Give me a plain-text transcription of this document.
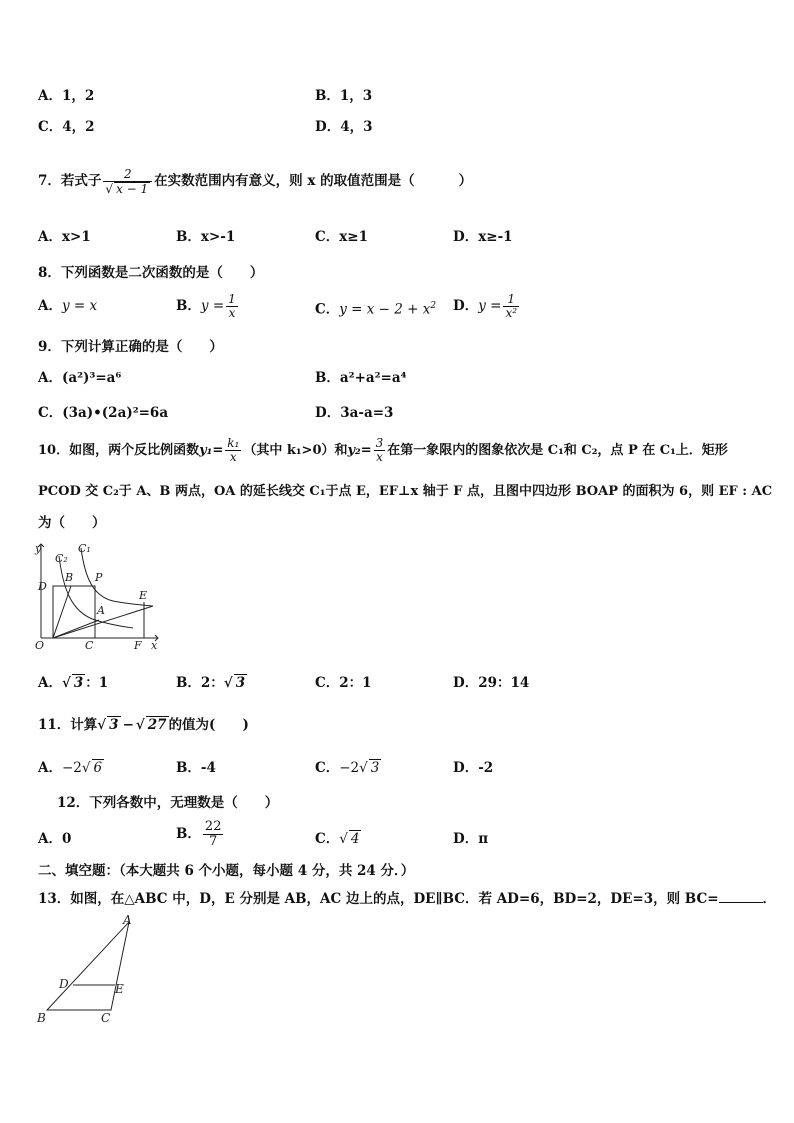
A．1，2	B．1，3
C．4，2	D．4，3
7．若式子 $\frac{2}{√ x - 1}$ 在实数范围内有意义，则 x 的取值范围是（	）
A．x>1	B．x>-1	C．x≥1	D．x≥-1
8．下列函数是二次函数的是（　　）
A．y = x	B．$y = \frac{1}{x}$	C．$y = x - 2 + x^2$ D．$y = \frac{1}{\text{x²}}$
9．下列计算正确的是（　　）
A．(a²)³=a⁶	B．a²+a²=a⁴
C．(3a)•(2a)²=6a	D．3a-a=3
10．如图，两个反比例函数$y_1= \frac{\text{k₁}}{x}$ （其中 k₁>0）和$y_2= \frac{3}{x}$ 在第一象限内的图象依次是 C₁和 C₂，点 P 在 C₁上．矩形
PCOD 交 C₂于 A、B 两点，OA 的延长线交 C₁于点 E，EF⊥x 轴于 F 点，且图中四边形 BOAP 的面积为 6，则 EF : AC
为（　　）
y
C₂
C₁
D
B P
A
E
O	C	F x
A．√ 3 ：1	B．2：√ 3	C．2：1	D．29：14
11．计算√ 3 − √ 27 的值为(　　)
A．−2√ 6	B．-4	C．−2√ 3	D．-2
12．下列各数中，无理数是（　　）
A．0	B． $\frac{22}{7}$	C．√ 4	D．π
二、填空题：（本大题共 6 个小题，每小题 4 分，共 24 分．）
13．如图，在△ABC 中，D，E 分别是 AB，AC 边上的点，DE∥BC．若 AD=6，BD=2，DE=3，则 BC=	．
A
D	E
B	C
